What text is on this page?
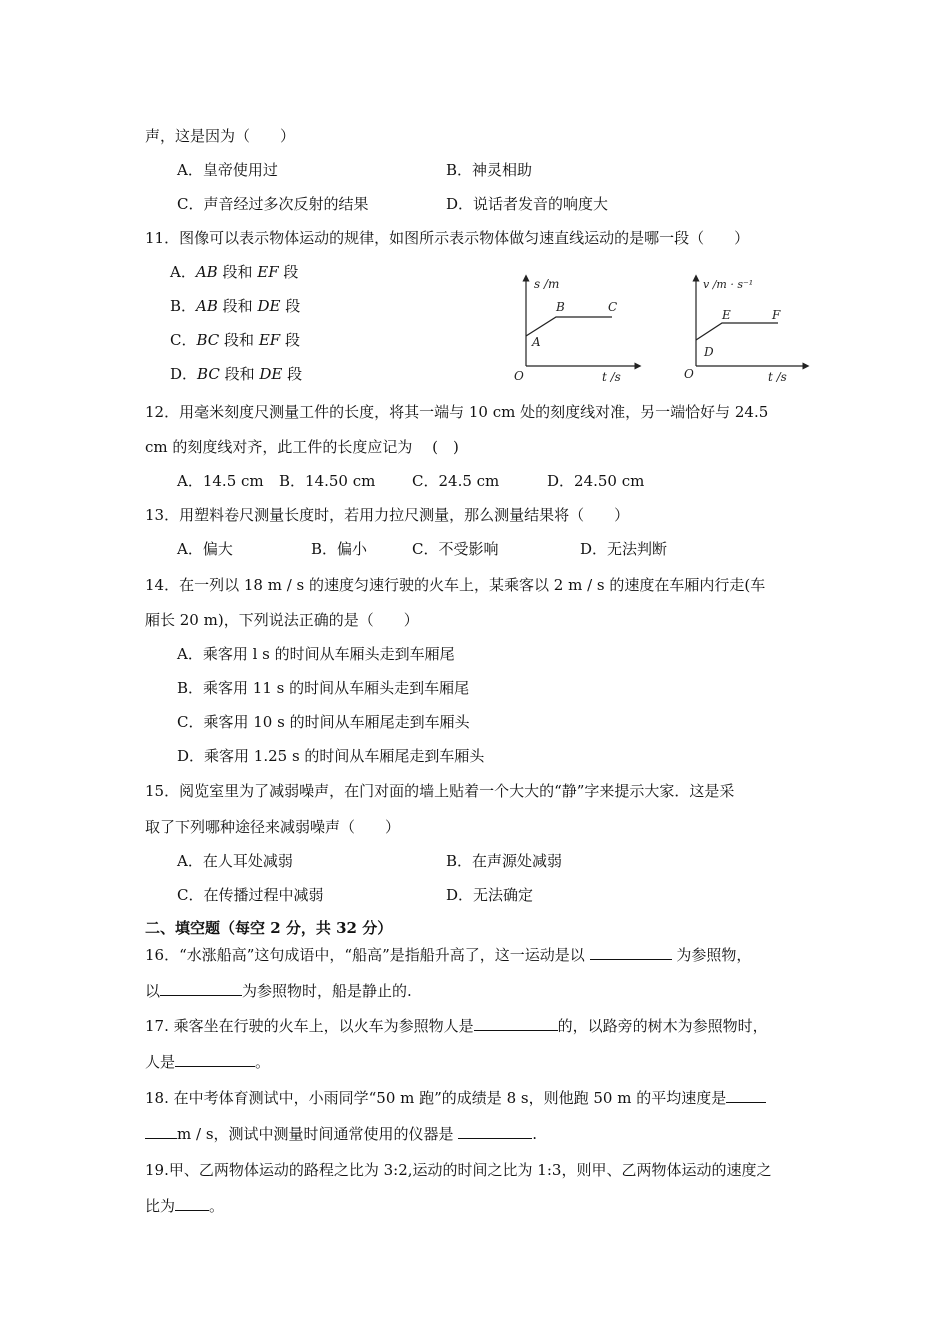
声，这是因为（　　）
A．皇帝使用过	B．神灵相助
C．声音经过多次反射的结果	D．说话者发音的响度大
11．图像可以表示物体运动的规律，如图所示表示物体做匀速直线运动的是哪一段（　　）
A．AB 段和 EF 段
B．AB 段和 DE 段
C．BC 段和 EF 段
D．BC 段和 DE 段
s /m
t /s
O
A
B	C
v /m · s⁻¹
t /s
O
D
E	F
12．用毫米刻度尺测量工件的长度，将其一端与 10 cm 处的刻度线对准，另一端恰好与 24.5
cm 的刻度线对齐，此工件的长度应记为　 (　)
A．14.5 cm B．14.50 cm C．24.5 cm	D．24.50 cm
13．用塑料卷尺测量长度时，若用力拉尺测量，那么测量结果将（　　）
A．偏大	B．偏小	C．不受影响	D．无法判断
14．在一列以 18 m / s 的速度匀速行驶的火车上，某乘客以 2 m / s 的速度在车厢内行走(车
厢长 20 m)，下列说法正确的是（　　）
A．乘客用 l s 的时间从车厢头走到车厢尾
B．乘客用 11 s 的时间从车厢头走到车厢尾
C．乘客用 10 s 的时间从车厢尾走到车厢头
D．乘客用 1.25 s 的时间从车厢尾走到车厢头
15．阅览室里为了减弱噪声，在门对面的墙上贴着一个大大的“静”字来提示大家．这是采
取了下列哪种途径来减弱噪声（　　）
A．在人耳处减弱	B．在声源处减弱
C．在传播过程中减弱	D．无法确定
二、填空题（每空 2 分，共 32 分）
16．“水涨船高”这句成语中，“船高”是指船升高了，这一运动是以	为参照物，
以	为参照物时，船是静止的.
17. 乘客坐在行驶的火车上，以火车为参照物人是	的，以路旁的树木为参照物时，
人是	。
18. 在中考体育测试中，小雨同学“50 m 跑”的成绩是 8 s，则他跑 50 m 的平均速度是
m / s，测试中测量时间通常使用的仪器是	.
19.甲、乙两物体运动的路程之比为 3:2,运动的时间之比为 1:3，则甲、乙两物体运动的速度之
比为 。
